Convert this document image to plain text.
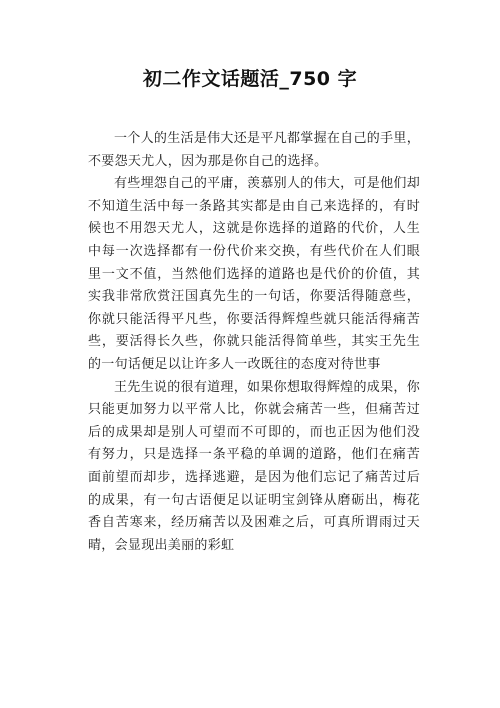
初二作文话题活_750 字

一个人的生活是伟大还是平凡都掌握在自己的手里，不要怨天尤人，因为那是你自己的选择。

有些埋怨自己的平庸，羡慕别人的伟大，可是他们却不知道生活中每一条路其实都是由自己来选择的，有时候也不用怨天尤人，这就是你选择的道路的代价，人生中每一次选择都有一份代价来交换，有些代价在人们眼里一文不值，当然他们选择的道路也是代价的价值，其实我非常欣赏汪国真先生的一句话，你要活得随意些，你就只能活得平凡些，你要活得辉煌些就只能活得痛苦些，要活得长久些，你就只能活得简单些，其实王先生的一句话便足以让许多人一改既往的态度对待世事

王先生说的很有道理，如果你想取得辉煌的成果，你只能更加努力以平常人比，你就会痛苦一些，但痛苦过后的成果却是别人可望而不可即的，而也正因为他们没有努力，只是选择一条平稳的单调的道路，他们在痛苦面前望而却步，选择逃避，是因为他们忘记了痛苦过后的成果，有一句古语便足以证明宝剑锋从磨砺出，梅花香自苦寒来，经历痛苦以及困难之后，可真所谓雨过天晴，会显现出美丽的彩虹
